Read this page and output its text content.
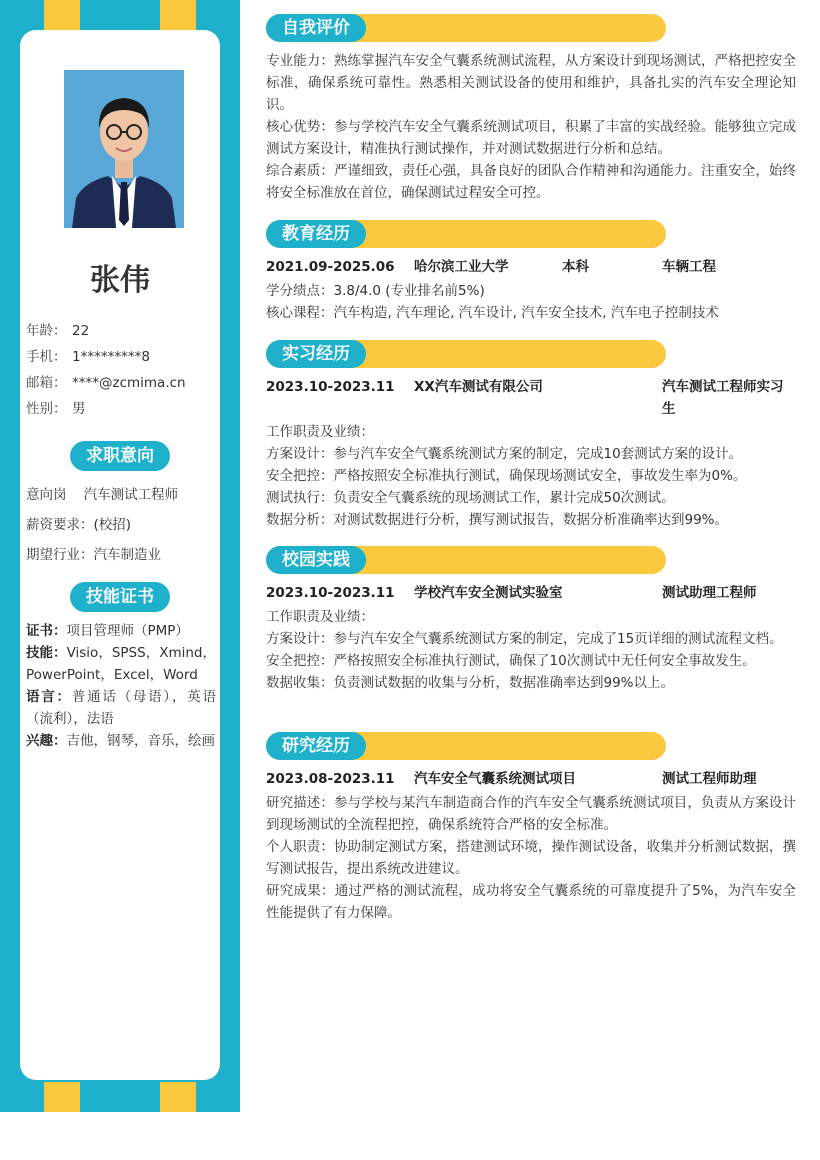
张伟
年龄： 22
手机： 1*********8
邮箱： ****@zcmima.cn
性别： 男
求职意向
意向岗    汽车测试工程师
薪资要求：(校招)
期望行业：汽车制造业
技能证书
证书：项目管理师（PMP）
技能：Visio，SPSS，Xmind，PowerPoint，Excel，Word
语言：普通话（母语），英语（流利），法语
兴趣：吉他，钢琴，音乐，绘画
自我评价

专业能力：熟练掌握汽车安全气囊系统测试流程，从方案设计到现场测试，严格把控安全标准，确保系统可靠性。熟悉相关测试设备的使用和维护，具备扎实的汽车安全理论知识。

核心优势：参与学校汽车安全气囊系统测试项目，积累了丰富的实战经验。能够独立完成测试方案设计，精准执行测试操作，并对测试数据进行分析和总结。

综合素质：严谨细致，责任心强，具备良好的团队合作精神和沟通能力。注重安全，始终将安全标准放在首位，确保测试过程安全可控。

教育经历
2021.09-2025.06 哈尔滨工业大学	本科	车辆工程

学分绩点：3.8/4.0 (专业排名前5%)

核心课程：汽车构造, 汽车理论, 汽车设计, 汽车安全技术, 汽车电子控制技术

实习经历
2023.10-2023.11 XX汽车测试有限公司	汽车测试工程师实习生

工作职责及业绩：

方案设计：参与汽车安全气囊系统测试方案的制定，完成10套测试方案的设计。

安全把控：严格按照安全标准执行测试，确保现场测试安全，事故发生率为0%。

测试执行：负责安全气囊系统的现场测试工作，累计完成50次测试。

数据分析：对测试数据进行分析，撰写测试报告，数据分析准确率达到99%。

校园实践
2023.10-2023.11 学校汽车安全测试实验室	测试助理工程师

工作职责及业绩：

方案设计：参与汽车安全气囊系统测试方案的制定，完成了15页详细的测试流程文档。

安全把控：严格按照安全标准执行测试，确保了10次测试中无任何安全事故发生。

数据收集：负责测试数据的收集与分析，数据准确率达到99%以上。

研究经历
2023.08-2023.11 汽车安全气囊系统测试项目	测试工程师助理

研究描述：参与学校与某汽车制造商合作的汽车安全气囊系统测试项目，负责从方案设计到现场测试的全流程把控，确保系统符合严格的安全标准。

个人职责：协助制定测试方案，搭建测试环境，操作测试设备，收集并分析测试数据，撰写测试报告，提出系统改进建议。

研究成果：通过严格的测试流程，成功将安全气囊系统的可靠度提升了5%，为汽车安全性能提供了有力保障。
